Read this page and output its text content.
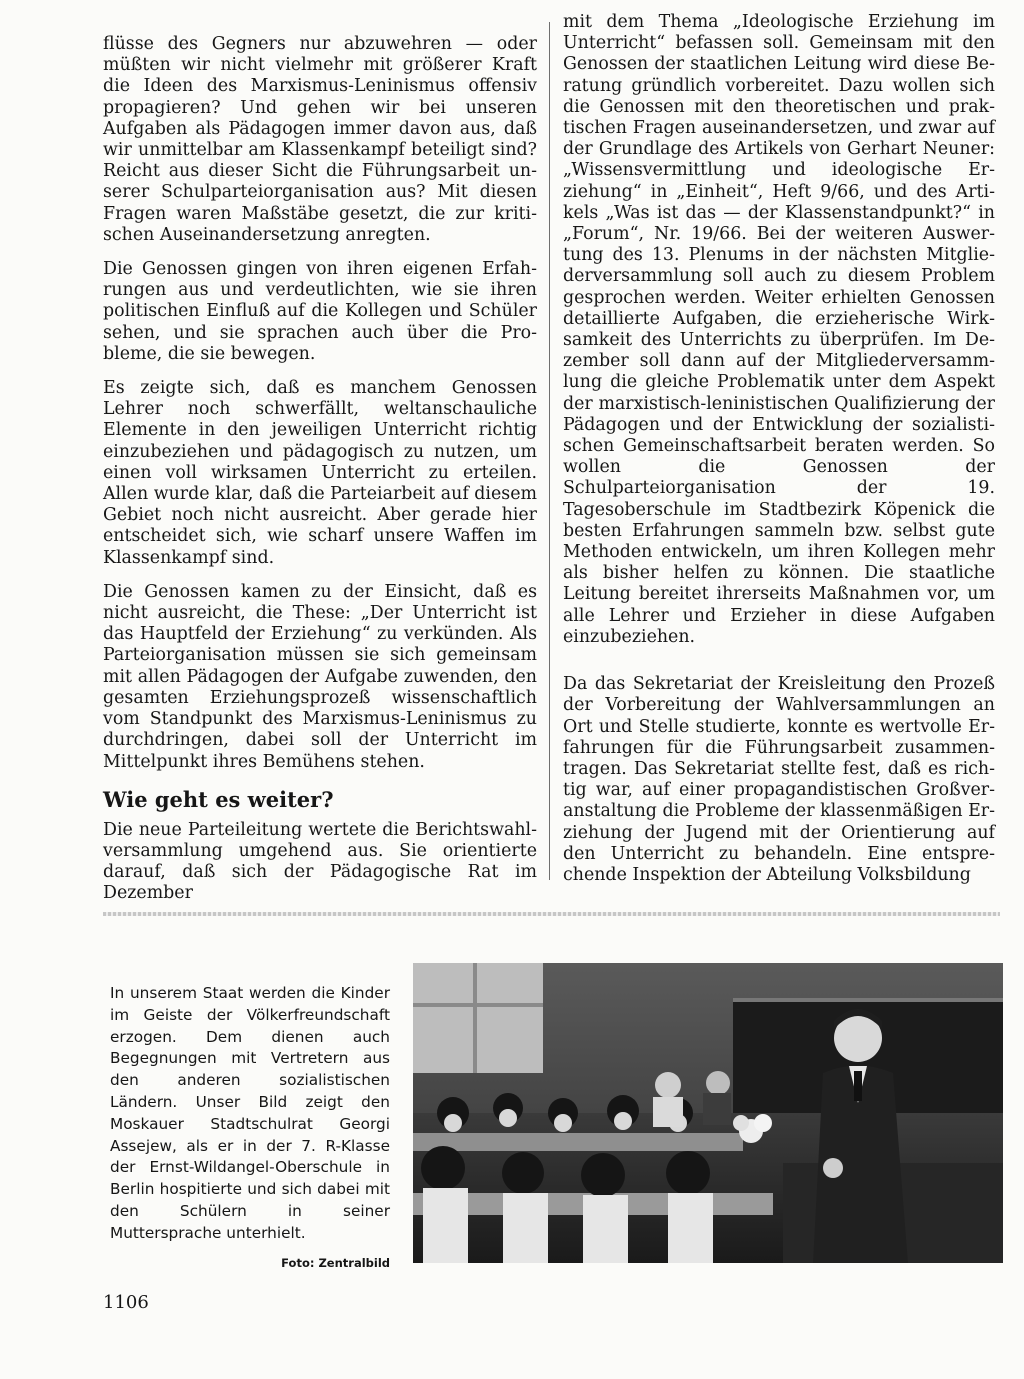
flüsse des Gegners nur abzuwehren — oder müßten wir nicht vielmehr mit größerer Kraft die Ideen des Marxismus-Leninismus offensiv propagieren? Und gehen wir bei unseren Aufgaben als Pädagogen immer davon aus, daß wir unmittelbar am Klassenkampf beteiligt sind? Reicht aus dieser Sicht die Führungsarbeit unserer Schulparteiorganisation aus? Mit diesen Fragen waren Maßstäbe gesetzt, die zur kritischen Auseinandersetzung anregten.

Die Genossen gingen von ihren eigenen Erfahrungen aus und verdeutlichten, wie sie ihren politischen Einfluß auf die Kollegen und Schüler sehen, und sie sprachen auch über die Probleme, die sie bewegen.

Es zeigte sich, daß es manchem Genossen Lehrer noch schwerfällt, weltanschauliche Elemente in den jeweiligen Unterricht richtig einzubeziehen und pädagogisch zu nutzen, um einen voll wirksamen Unterricht zu erteilen. Allen wurde klar, daß die Parteiarbeit auf diesem Gebiet noch nicht ausreicht. Aber gerade hier entscheidet sich, wie scharf unsere Waffen im Klassenkampf sind.

Die Genossen kamen zu der Einsicht, daß es nicht ausreicht, die These: „Der Unterricht ist das Hauptfeld der Erziehung“ zu verkünden. Als Parteiorganisation müssen sie sich gemeinsam mit allen Pädagogen der Aufgabe zuwenden, den gesamten Erziehungsprozeß wissenschaftlich vom Standpunkt des Marxismus-Leninismus zu durchdringen, dabei soll der Unterricht im Mittelpunkt ihres Bemühens stehen.

Wie geht es weiter?

Die neue Parteileitung wertete die Berichtswahlversammlung umgehend aus. Sie orientierte darauf, daß sich der Pädagogische Rat im Dezember

mit dem Thema „Ideologische Erziehung im Unterricht“ befassen soll. Gemeinsam mit den Genossen der staatlichen Leitung wird diese Beratung gründlich vorbereitet. Dazu wollen sich die Genossen mit den theoretischen und praktischen Fragen auseinandersetzen, und zwar auf der Grundlage des Artikels von Gerhart Neuner: „Wissensvermittlung und ideologische Erziehung“ in „Einheit“, Heft 9/66, und des Artikels „Was ist das — der Klassenstandpunkt?“ in „Forum“, Nr. 19/66. Bei der weiteren Auswertung des 13. Plenums in der nächsten Mitgliederversammlung soll auch zu diesem Problem gesprochen werden. Weiter erhielten Genossen detaillierte Aufgaben, die erzieherische Wirksamkeit des Unterrichts zu überprüfen. Im Dezember soll dann auf der Mitgliederversammlung die gleiche Problematik unter dem Aspekt der marxistisch-leninistischen Qualifizierung der Pädagogen und der Entwicklung der sozialistischen Gemeinschaftsarbeit beraten werden. So wollen die Genossen der Schulparteiorganisation der 19. Tagesoberschule im Stadtbezirk Köpenick die besten Erfahrungen sammeln bzw. selbst gute Methoden entwickeln, um ihren Kollegen mehr als bisher helfen zu können. Die staatliche Leitung bereitet ihrerseits Maßnahmen vor, um alle Lehrer und Erzieher in diese Aufgaben einzubeziehen.

Da das Sekretariat der Kreisleitung den Prozeß der Vorbereitung der Wahlversammlungen an Ort und Stelle studierte, konnte es wertvolle Erfahrungen für die Führungsarbeit zusammentragen. Das Sekretariat stellte fest, daß es richtig war, auf einer propagandistischen Großveranstaltung die Probleme der klassenmäßigen Erziehung der Jugend mit der Orientierung auf den Unterricht zu behandeln. Eine entsprechende Inspektion der Abteilung Volksbildung

In unserem Staat werden die Kinder im Geiste der Völkerfreundschaft erzogen. Dem dienen auch Begegnungen mit Vertretern aus den anderen sozialistischen Ländern. Unser Bild zeigt den Moskauer Stadtschulrat Georgi Assejew, als er in der 7. R-Klasse der Ernst-Wildangel-Oberschule in Berlin hospitierte und sich dabei mit den Schülern in seiner Muttersprache unterhielt.
Foto: Zentralbild
1106
